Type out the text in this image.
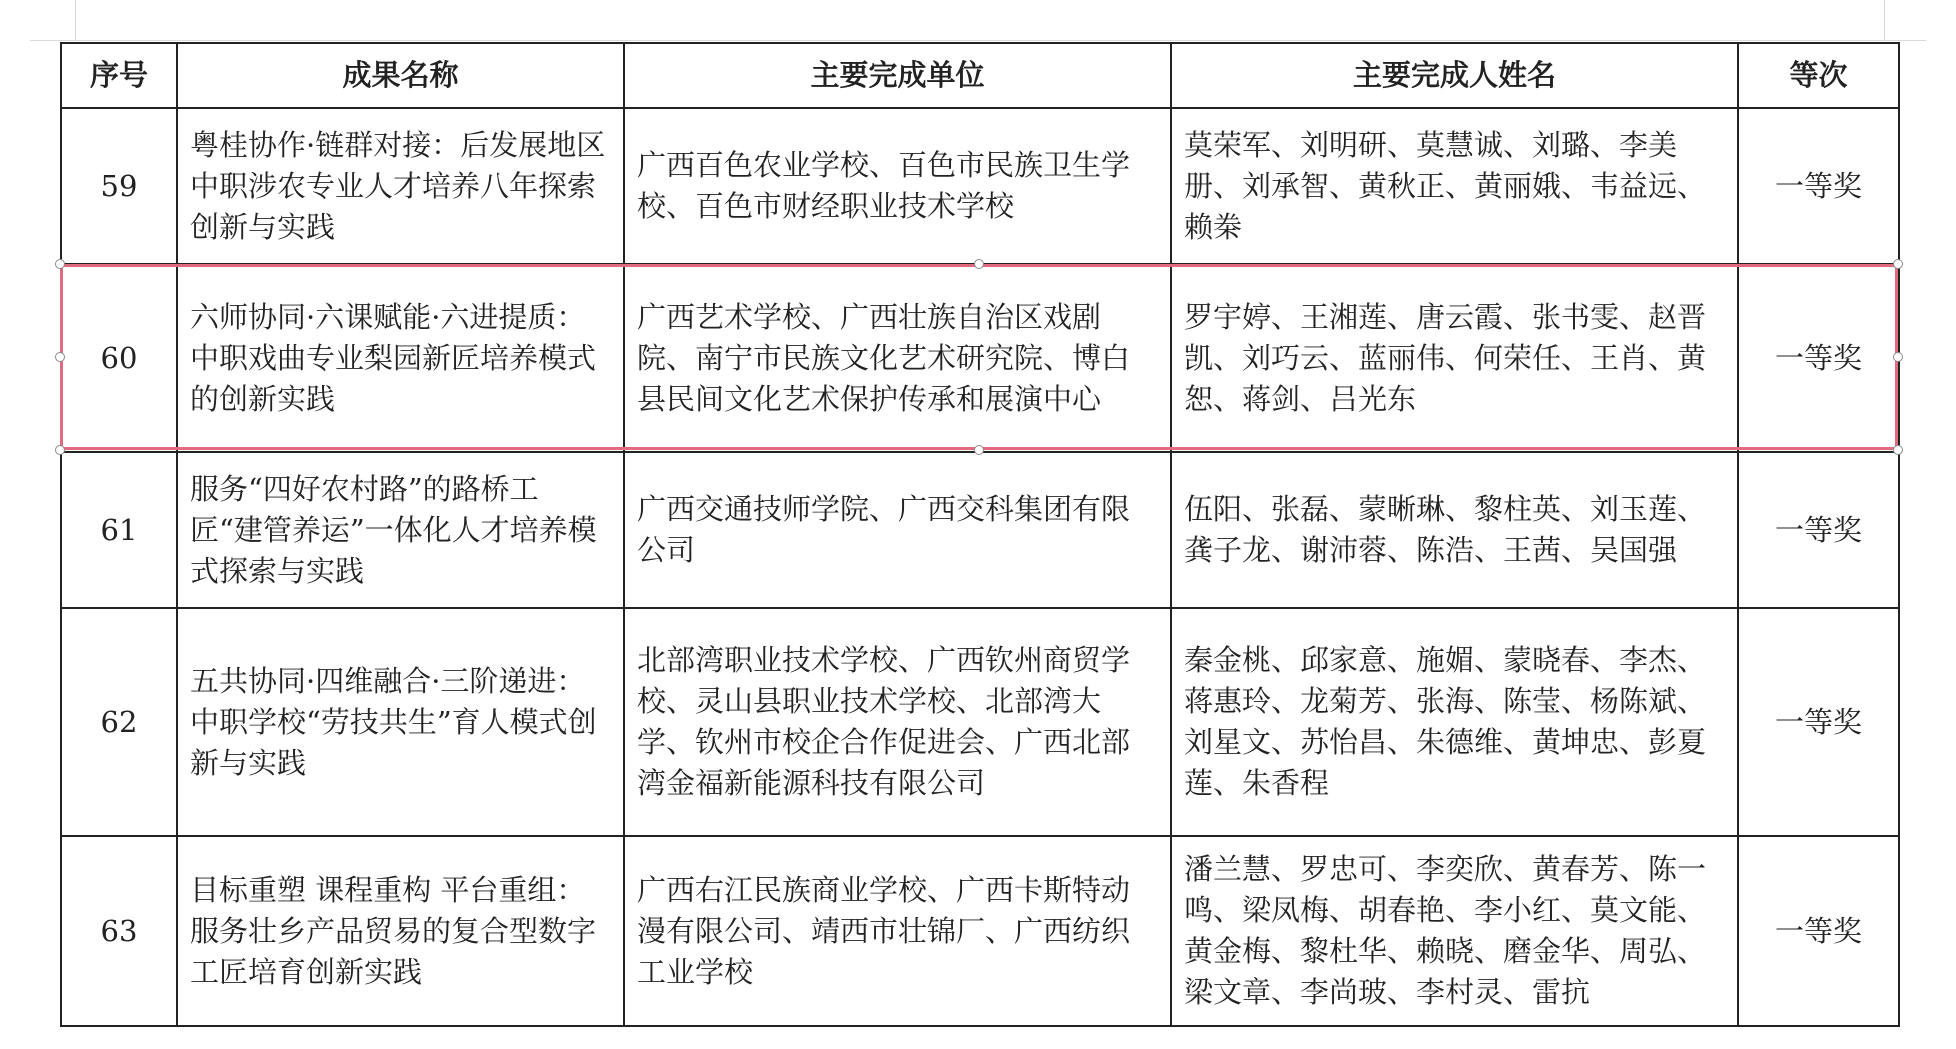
序号	成果名称	主要完成单位	主要完成人姓名	等次
59	粤桂协作·链群对接：后发展地区中职涉农专业人才培养八年探索创新与实践	广西百色农业学校、百色市民族卫生学校、百色市财经职业技术学校	莫荣军、刘明研、莫慧诚、刘璐、李美册、刘承智、黄秋正、黄丽娥、韦益远、赖桊	一等奖
60	六师协同·六课赋能·六进提质：中职戏曲专业梨园新匠培养模式的创新实践	广西艺术学校、广西壮族自治区戏剧院、南宁市民族文化艺术研究院、博白县民间文化艺术保护传承和展演中心	罗宇婷、王湘莲、唐云霞、张书雯、赵晋凯、刘巧云、蓝丽伟、何荣任、王肖、黄恕、蒋剑、吕光东	一等奖
61	服务“四好农村路”的路桥工匠“建管养运”一体化人才培养模式探索与实践	广西交通技师学院、广西交科集团有限公司	伍阳、张磊、蒙晰琳、黎柱英、刘玉莲、龚子龙、谢沛蓉、陈浩、王茜、吴国强	一等奖
62	五共协同·四维融合·三阶递进：中职学校“劳技共生”育人模式创新与实践	北部湾职业技术学校、广西钦州商贸学校、灵山县职业技术学校、北部湾大学、钦州市校企合作促进会、广西北部湾金福新能源科技有限公司	秦金桃、邱家意、施媚、蒙晓春、李杰、蒋惠玲、龙菊芳、张海、陈莹、杨陈斌、刘星文、苏怡昌、朱德维、黄坤忠、彭夏莲、朱香程	一等奖
63	目标重塑 课程重构 平台重组：服务壮乡产品贸易的复合型数字工匠培育创新实践	广西右江民族商业学校、广西卡斯特动漫有限公司、靖西市壮锦厂、广西纺织工业学校	潘兰慧、罗忠可、李奕欣、黄春芳、陈一鸣、梁凤梅、胡春艳、李小红、莫文能、黄金梅、黎杜华、赖晓、磨金华、周弘、梁文章、李尚玻、李村灵、雷抗	一等奖
